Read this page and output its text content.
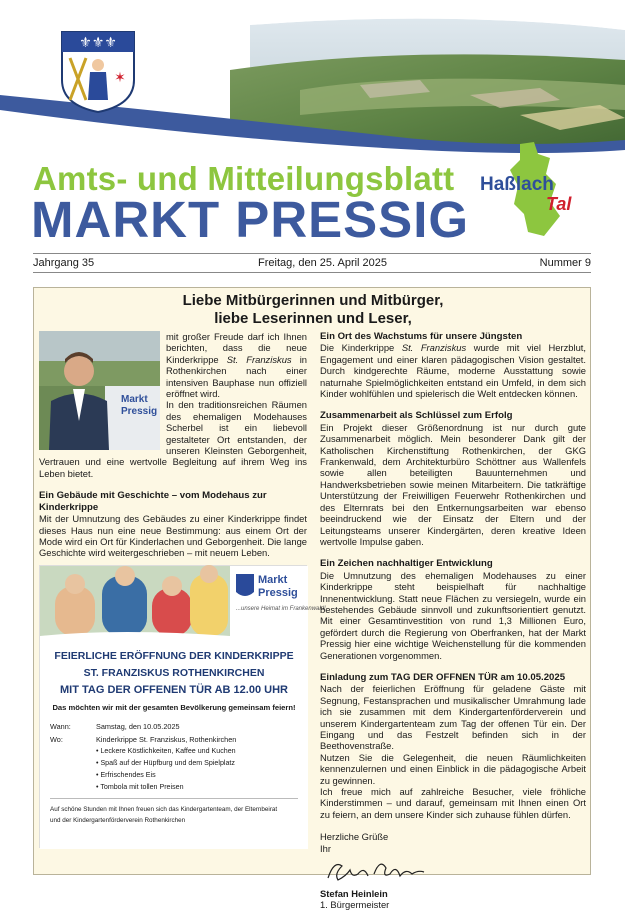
⚜⚜⚜
✶
Amts- und Mitteilungsblatt
MARKT PRESSIG
Haßlach
Tal
Jahrgang 35	Freitag, den 25. April 2025	Nummer 9
Liebe Mitbürgerinnen und Mitbürger,
liebe Leserinnen und Leser,
Markt
Pressig

mit großer Freude darf ich Ihnen berichten, dass die neue Kinderkrippe St. Franziskus in Rothenkirchen nach einer intensiven Bauphase nun offiziell eröffnet wird.

In den traditionsreichen Räumen des ehemaligen Modehauses Scherbel ist ein liebevoll gestalteter Ort entstanden, der unseren Kleinsten Geborgenheit, Vertrauen und eine wertvolle Begleitung auf ihrem Weg ins Leben bietet.

Ein Gebäude mit Geschichte – vom Modehaus zur Kinderkrippe

Mit der Umnutzung des Gebäudes zu einer Kinderkrippe findet dieses Haus nun eine neue Bestimmung: aus einem Ort der Mode wird ein Ort für Kinderlachen und Geborgenheit. Die lange Geschichte wird weitergeschrieben – mit neuem Leben.

Markt
Pressig
...unsere Heimat im Frankenwald!
FEIERLICHE ERÖFFNUNG DER KINDERKRIPPE
ST. FRANZISKUS ROTHENKIRCHEN
MIT TAG DER OFFENEN TÜR AB 12.00 UHR
Das möchten wir mit der gesamten Bevölkerung gemeinsam feiern!
Wann:	Samstag, den 10.05.2025
Wo:	Kinderkrippe St. Franziskus, Rothenkirchen
• Leckere Köstlichkeiten, Kaffee und Kuchen
• Spaß auf der Hüpfburg und dem Spielplatz
• Erfrischendes Eis
• Tombola mit tollen Preisen
Auf schöne Stunden mit Ihnen freuen sich das Kindergartenteam, der Elternbeirat
und der Kindergartenförderverein Rothenkirchen
Ein Ort des Wachstums für unsere Jüngsten

Die Kinderkrippe St. Franziskus wurde mit viel Herzblut, Engagement und einer klaren pädagogischen Vision gestaltet. Durch kindgerechte Räume, moderne Ausstattung sowie naturnahe Spielmöglichkeiten entstand ein Umfeld, in dem sich Kinder wohlfühlen und spielerisch die Welt entdecken können.

Zusammenarbeit als Schlüssel zum Erfolg

Ein Projekt dieser Größenordnung ist nur durch gute Zusammenarbeit möglich. Mein besonderer Dank gilt der Katholischen Kirchenstiftung Rothenkirchen, der GKG Frankenwald, dem Architekturbüro Schöttner aus Wallenfels sowie allen beteiligten Bauunternehmen und Handwerksbetrieben sowie meinen Mitarbeitern. Die tatkräftige Unterstützung der Freiwilligen Feuerwehr Rothenkirchen und des Elternrats bei den Entkernungsarbeiten war ebenso beeindruckend wie der Einsatz der Eltern und der Leitungsteams unserer Kindergärten, deren kreative Ideen wertvolle Impulse gaben.

Ein Zeichen nachhaltiger Entwicklung

Die Umnutzung des ehemaligen Modehauses zu einer Kinderkrippe steht beispielhaft für nachhaltige Innenentwicklung. Statt neue Flächen zu versiegeln, wurde ein bestehendes Gebäude sinnvoll und zukunftsorientiert genutzt. Mit einer Gesamtinvestition von rund 1,3 Millionen Euro, gefördert durch die Regierung von Oberfranken, hat der Markt Pressig hier eine wichtige Weichenstellung für die kommenden Generationen vorgenommen.

Einladung zum TAG DER OFFNEN TÜR am 10.05.2025

Nach der feierlichen Eröffnung für geladene Gäste mit Segnung, Festansprachen und musikalischer Umrahmung lade ich sie zusammen mit dem Kindergartenförderverein und unserem Kindergartenteam zum Tag der offenen Tür ein. Der Eingang und das Festzelt befinden sich in der Beethovenstraße.

Nutzen Sie die Gelegenheit, die neuen Räumlichkeiten kennenzulernen und einen Einblick in die pädagogische Arbeit zu gewinnen.

Ich freue mich auf zahlreiche Besucher, viele fröhliche Kinderstimmen – und darauf, gemeinsam mit Ihnen einen Ort zu feiern, an dem unsere Kinder sich zuhause fühlen dürfen.

Herzliche Grüße

Ihr

Stefan Heinlein

1. Bürgermeister
